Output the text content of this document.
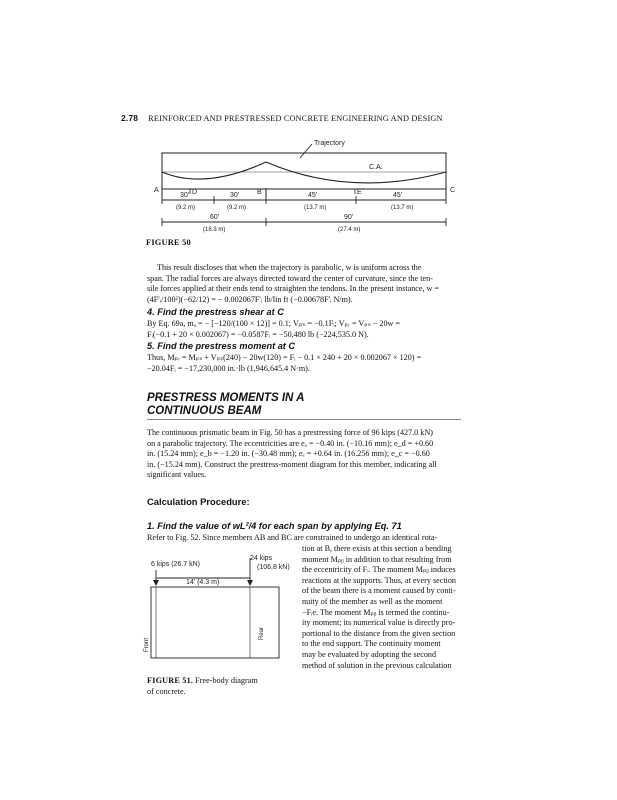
2.78 REINFORCED AND PRESTRESSED CONCRETE ENGINEERING AND DESIGN
Trajectory
C.A.
A	D	B	E	C
30'
(9.2 m)
30'
(9.2 m)
45'
(13.7 m)
45'
(13.7 m)
60'
(18.3 m)
90'
(27.4 m)
FIGURE 50
This result discloses that when the trajectory is parabolic, w is uniform across the
span. The radial forces are always directed toward the center of curvature, since the ten-
sile forces applied at their ends tend to straighten the tendons. In the present instance, w =
(4F'ᵢ/100²)(−62/12) = − 0.002067F'ᵢ lb/lin ft (−0.00678F'ᵢ N/m).
4. Find the prestress shear at C
By Eq. 69a, mₐ = − [−120/(100 × 12)] = 0.1; Vₚₛ = −0.1Fᵢ; Vₚᵣ = Vₚₛ − 20w =
Fᵢ(−0.1 + 20 × 0.002067) = −0.0587Fᵢ = −50,480 lb (−224,535.0 N).
5. Find the prestress moment at C
Thus, Mₚᵣ = Mₚₛ + Vₚₛ(240) − 20w(120) = Fᵢ − 0.1 × 240 + 20 × 0.002067 × 120) =
−20.04Fᵢ = −17,230,000 in.·lb (1,946,645.4 N·m).
PRESTRESS MOMENTS IN A
CONTINUOUS BEAM
The continuous prismatic beam in Fig. 50 has a prestressing force of 96 kips (427.0 kN)
on a parabolic trajectory. The eccentricities are eₐ = −0.40 in. (−10.16 mm); e_d = +0.60
in. (15.24 mm); e_b = −1.20 in. (−30.48 mm); eₑ = +0.64 in. (16.256 mm); e_c = −0.60
in. (−15.24 mm). Construct the prestress-moment diagram for this member, indicating all
significant values.
Calculation Procedure:
1. Find the value of wL²/4 for each span by applying Eq. 71
Refer to Fig. 52. Since members AB and BC are constrained to undergo an identical rota-
tion at B, there exists at this section a bending
moment Mₚᵦ in addition to that resulting from
the eccentricity of Fᵢ. The moment Mₚᵦ induces
reactions at the supports. Thus, at every section
of the beam there is a moment caused by conti-
nuity of the member as well as the moment
−Fᵢe. The moment Mₚᵦ is termed the continu-
ity moment; its numerical value is directly pro-
portional to the distance from the given section
to the end support. The continuity moment
may be evaluated by adopting the second
method of solution in the previous calculation
6 kips (26.7 kN)
24 kips
(106.8 kN)
14' (4.3 m)
Front
Rear
FIGURE 51. Free-body diagram
of concrete.
